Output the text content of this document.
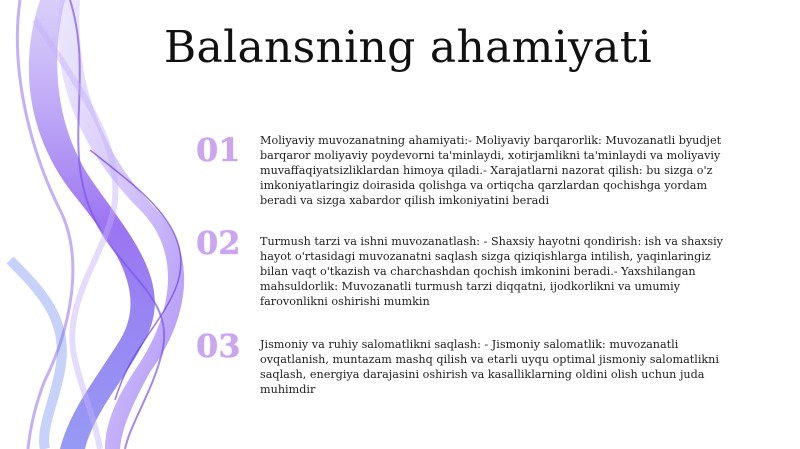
Balansning ahamiyati
01	Moliyaviy muvozanatning ahamiyati:- Moliyaviy barqarorlik: Muvozanatli byudjet barqaror moliyaviy poydevorni ta'minlaydi, xotirjamlikni ta'minlaydi va moliyaviy muvaffaqiyatsizliklardan himoya qiladi.- Xarajatlarni nazorat qilish: bu sizga o'z imkoniyatlaringiz doirasida qolishga va ortiqcha qarzlardan qochishga yordam beradi va sizga xabardor qilish imkoniyatini beradi
02	Turmush tarzi va ishni muvozanatlash: - Shaxsiy hayotni qondirish: ish va shaxsiy hayot o'rtasidagi muvozanatni saqlash sizga qiziqishlarga intilish, yaqinlaringiz bilan vaqt o'tkazish va charchashdan qochish imkonini beradi.- Yaxshilangan mahsuldorlik: Muvozanatli turmush tarzi diqqatni, ijodkorlikni va umumiy farovonlikni oshirishi mumkin
03	Jismoniy va ruhiy salomatlikni saqlash: - Jismoniy salomatlik: muvozanatli ovqatlanish, muntazam mashq qilish va etarli uyqu optimal jismoniy salomatlikni saqlash, energiya darajasini oshirish va kasalliklarning oldini olish uchun juda muhimdir
